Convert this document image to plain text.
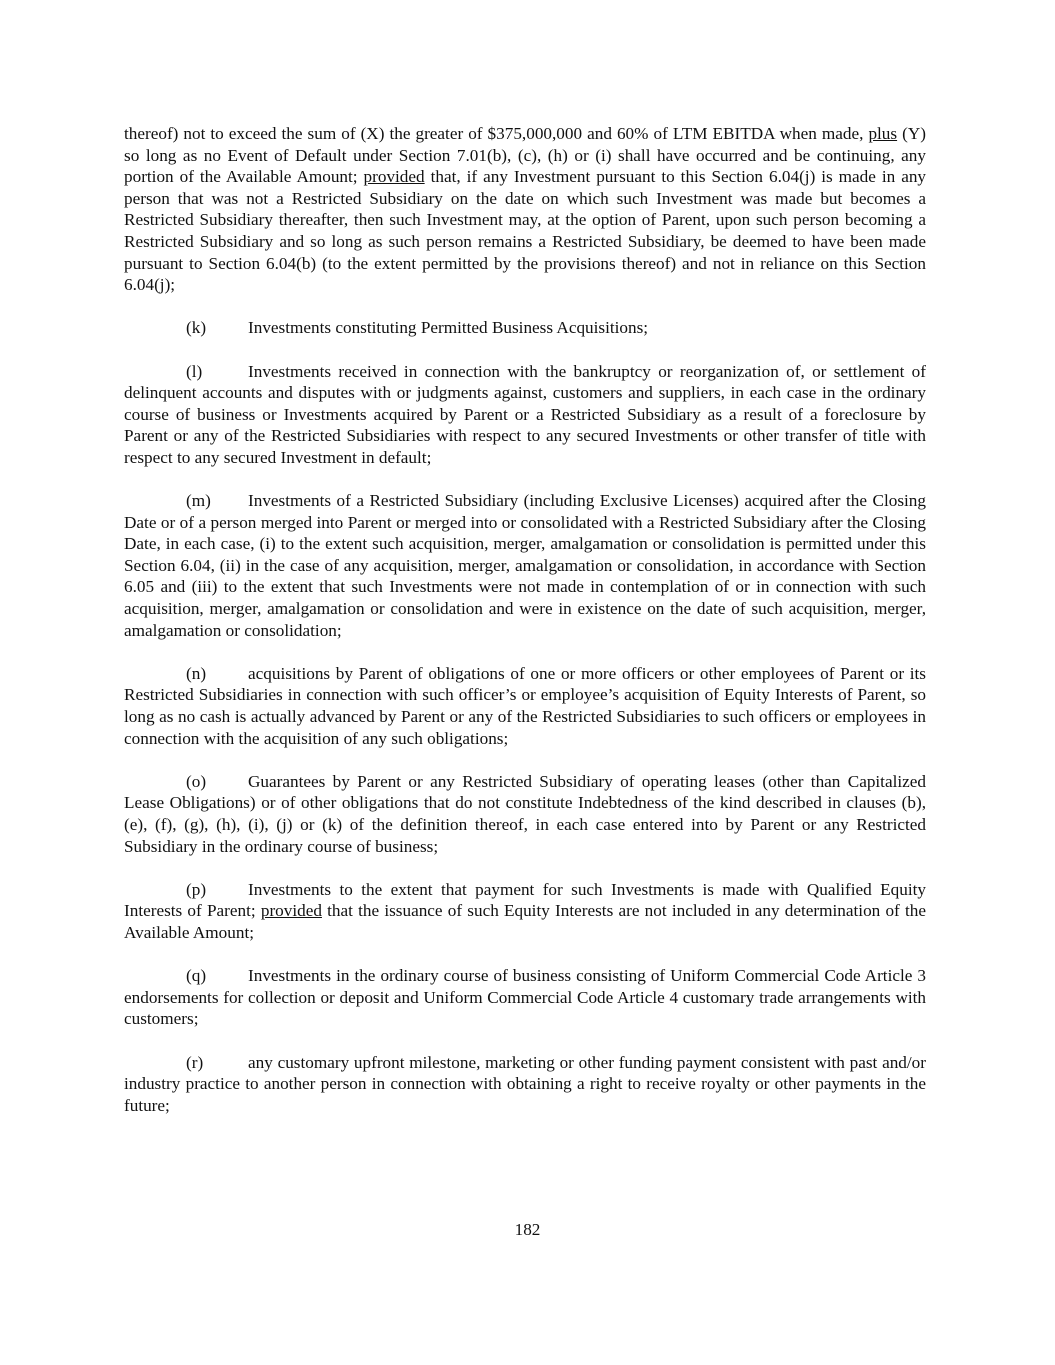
thereof) not to exceed the sum of (X) the greater of $375,000,000 and 60% of LTM EBITDA when made, plus (Y) so long as no Event of Default under Section 7.01(b), (c), (h) or (i) shall have occurred and be continuing, any portion of the Available Amount; provided that, if any Investment pursuant to this Section 6.04(j) is made in any person that was not a Restricted Subsidiary on the date on which such Investment was made but becomes a Restricted Subsidiary thereafter, then such Investment may, at the option of Parent, upon such person becoming a Restricted Subsidiary and so long as such person remains a Restricted Subsidiary, be deemed to have been made pursuant to Section 6.04(b) (to the extent permitted by the provisions thereof) and not in reliance on this Section 6.04(j);

(k) Investments constituting Permitted Business Acquisitions;

(l)	Investments received in connection with the bankruptcy or reorganization of, or settlement of delinquent accounts and disputes with or judgments against, customers and suppliers, in each case in the ordinary course of business or Investments acquired by Parent or a Restricted Subsidiary as a result of a foreclosure by Parent or any of the Restricted Subsidiaries with respect to any secured Investments or other transfer of title with respect to any secured Investment in default;

(m) Investments of a Restricted Subsidiary (including Exclusive Licenses) acquired after the Closing Date or of a person merged into Parent or merged into or consolidated with a Restricted Subsidiary after the Closing Date, in each case, (i) to the extent such acquisition, merger, amalgamation or consolidation is permitted under this Section 6.04, (ii) in the case of any acquisition, merger, amalgamation or consolidation, in accordance with Section 6.05 and (iii) to the extent that such Investments were not made in contemplation of or in connection with such acquisition, merger, amalgamation or consolidation and were in existence on the date of such acquisition, merger, amalgamation or consolidation;

(n) acquisitions by Parent of obligations of one or more officers or other employees of Parent or its Restricted Subsidiaries in connection with such officer’s or employee’s acquisition of Equity Interests of Parent, so long as no cash is actually advanced by Parent or any of the Restricted Subsidiaries to such officers or employees in connection with the acquisition of any such obligations;

(o) Guarantees by Parent or any Restricted Subsidiary of operating leases (other than Capitalized Lease Obligations) or of other obligations that do not constitute Indebtedness of the kind described in clauses (b), (e), (f), (g), (h), (i), (j) or (k) of the definition thereof, in each case entered into by Parent or any Restricted Subsidiary in the ordinary course of business;

(p) Investments to the extent that payment for such Investments is made with Qualified Equity Interests of Parent; provided that the issuance of such Equity Interests are not included in any determination of the Available Amount;

(q) Investments in the ordinary course of business consisting of Uniform Commercial Code Article 3 endorsements for collection or deposit and Uniform Commercial Code Article 4 customary trade arrangements with customers;

(r)	any customary upfront milestone, marketing or other funding payment consistent with past and/or industry practice to another person in connection with obtaining a right to receive royalty or other payments in the future;

182
